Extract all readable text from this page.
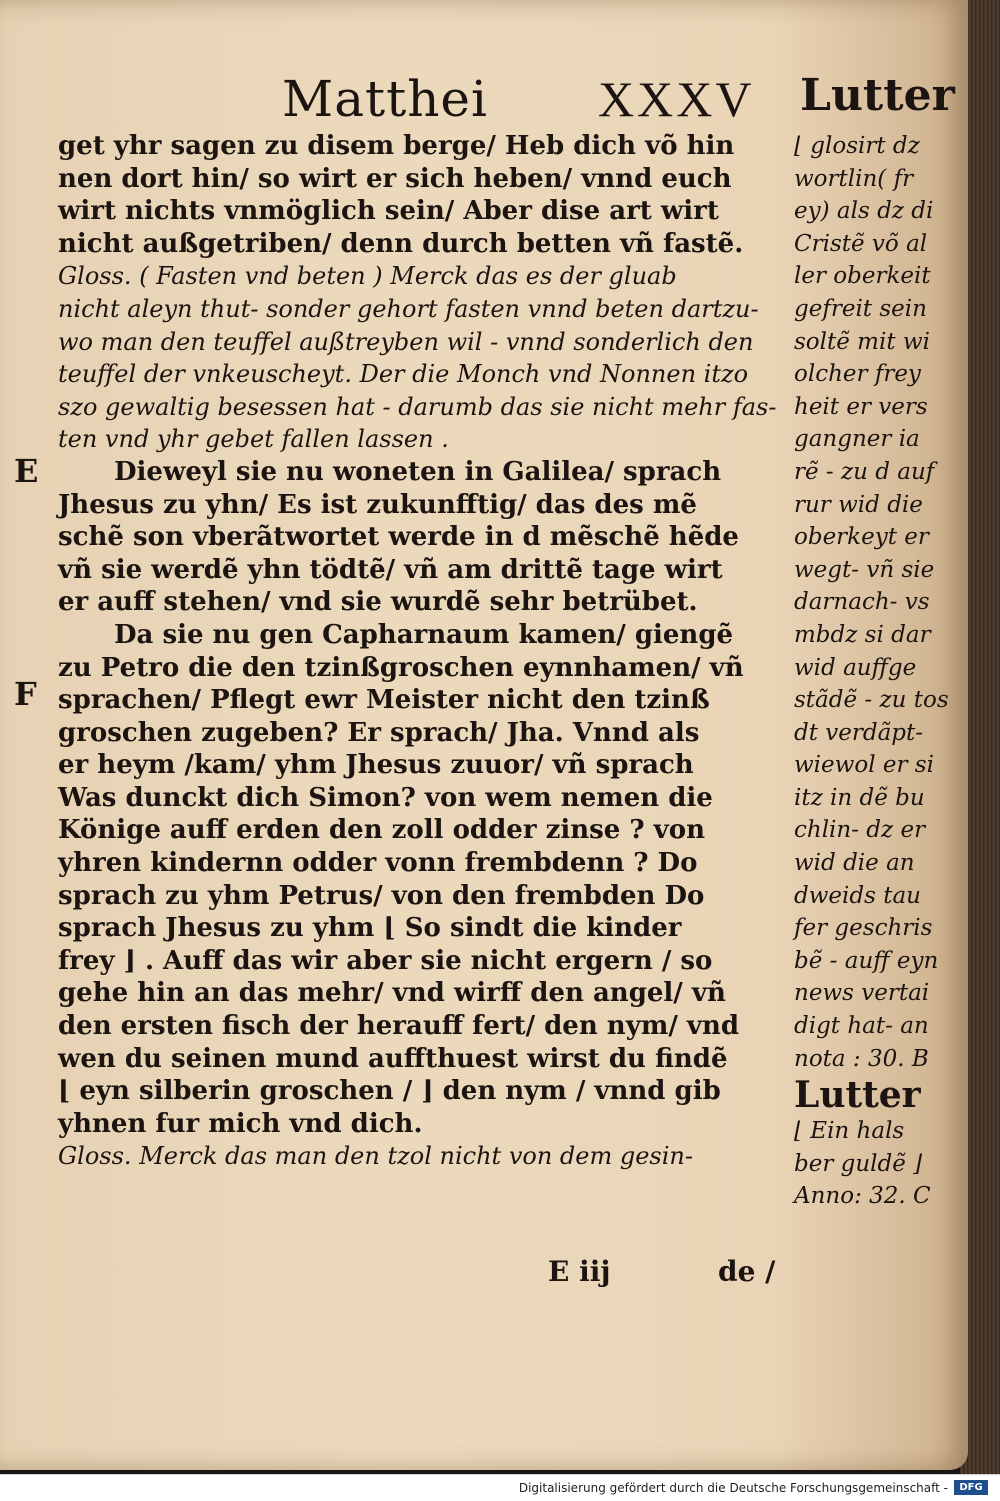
Matthei XXXV Lutter
E
F
get yhr sagen zu disem berge/ Heb dich võ hin
nen dort hin/ so wirt er sich heben/ vnnd euch
wirt nichts vnmöglich sein/ Aber dise art wirt
nicht außgetriben/ denn durch betten vñ fastẽ.
Gloss. ( Fasten vnd beten ) Merck das es der gluab
nicht aleyn thut- sonder gehort fasten vnnd beten dartzu-
wo man den teuffel außtreyben wil - vnnd sonderlich den
teuffel der vnkeuscheyt. Der die Monch vnd Nonnen itzo
szo gewaltig besessen hat - darumb das sie nicht mehr fas-
ten vnd yhr gebet fallen lassen .
Dieweyl sie nu woneten in Galilea/ sprach
Jhesus zu yhn/ Es ist zukunfftig/ das des mẽ
schẽ son vberãtwortet werde in d mẽschẽ hẽde
vñ sie werdẽ yhn tödtẽ/ vñ am drittẽ tage wirt
er auff stehen/ vnd sie wurdẽ sehr betrübet.
Da sie nu gen Capharnaum kamen/ giengẽ
zu Petro die den tzinßgroschen eynnhamen/ vñ
sprachen/ Pflegt ewr Meister nicht den tzinß
groschen zugeben? Er sprach/ Jha. Vnnd als
er heym /kam/ yhm Jhesus zuuor/ vñ sprach
Was dunckt dich Simon? von wem nemen die
Könige auff erden den zoll odder zinse ? von
yhren kindernn odder vonn frembdenn ? Do
sprach zu yhm Petrus/ von den frembden Do
sprach Jhesus zu yhm ⌊ So sindt die kinder
frey ⌋ . Auff das wir aber sie nicht ergern / so
gehe hin an das mehr/ vnd wirff den angel/ vñ
den ersten fisch der herauff fert/ den nym/ vnd
wen du seinen mund auffthuest wirst du findẽ
⌊ eyn silberin groschen / ⌋ den nym / vnnd gib
yhnen fur mich vnd dich.
Gloss. Merck das man den tzol nicht von dem gesin-
E iij	de /
⌊ glosirt dz
wortlin( fr
ey) als dz di
Cristẽ võ al
ler oberkeit
gefreit sein
soltẽ mit wi
olcher frey
heit er vers
gangner ia
rẽ - zu d auf
rur wid die
oberkeyt er
wegt- vñ sie
darnach- vs
mbdz si dar
wid auffge
stãdẽ - zu tos
dt verdãpt-
wiewol er si
itz in dẽ bu
chlin- dz er
wid die an
dweids tau
fer geschris
bẽ - auff eyn
news vertai
digt hat- an
nota : 30. B
Lutter
⌊ Ein hals
ber guldẽ ⌋
Anno: 32. C
Digitalisierung gefördert durch die Deutsche Forschungsgemeinschaft -	DFG
